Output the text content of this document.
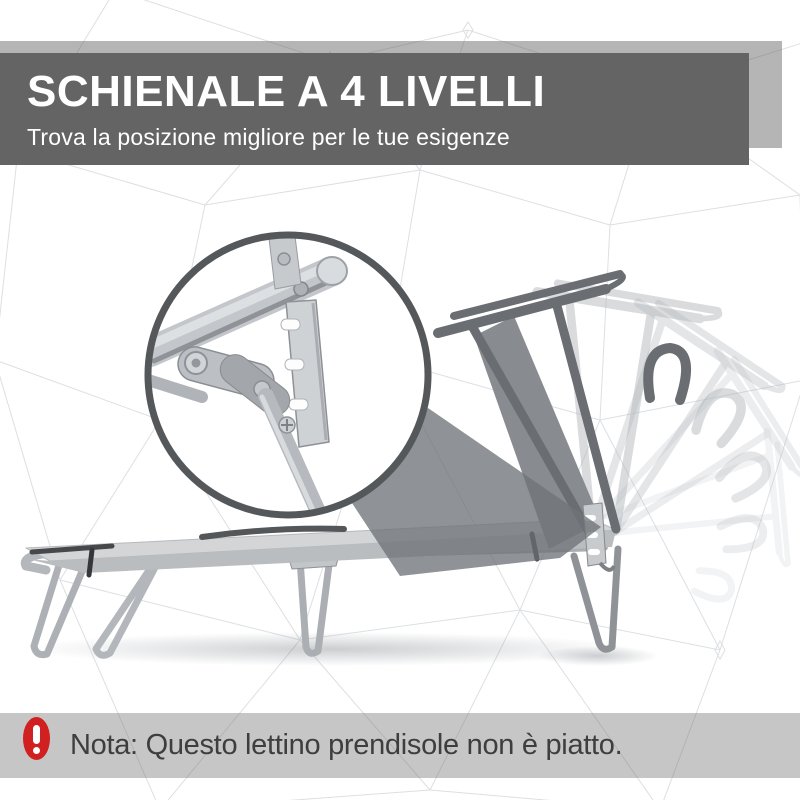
SCHIENALE A 4 LIVELLI

Trova la posizione migliore per le tue esigenze

Nota: Questo lettino prendisole non è piatto.
